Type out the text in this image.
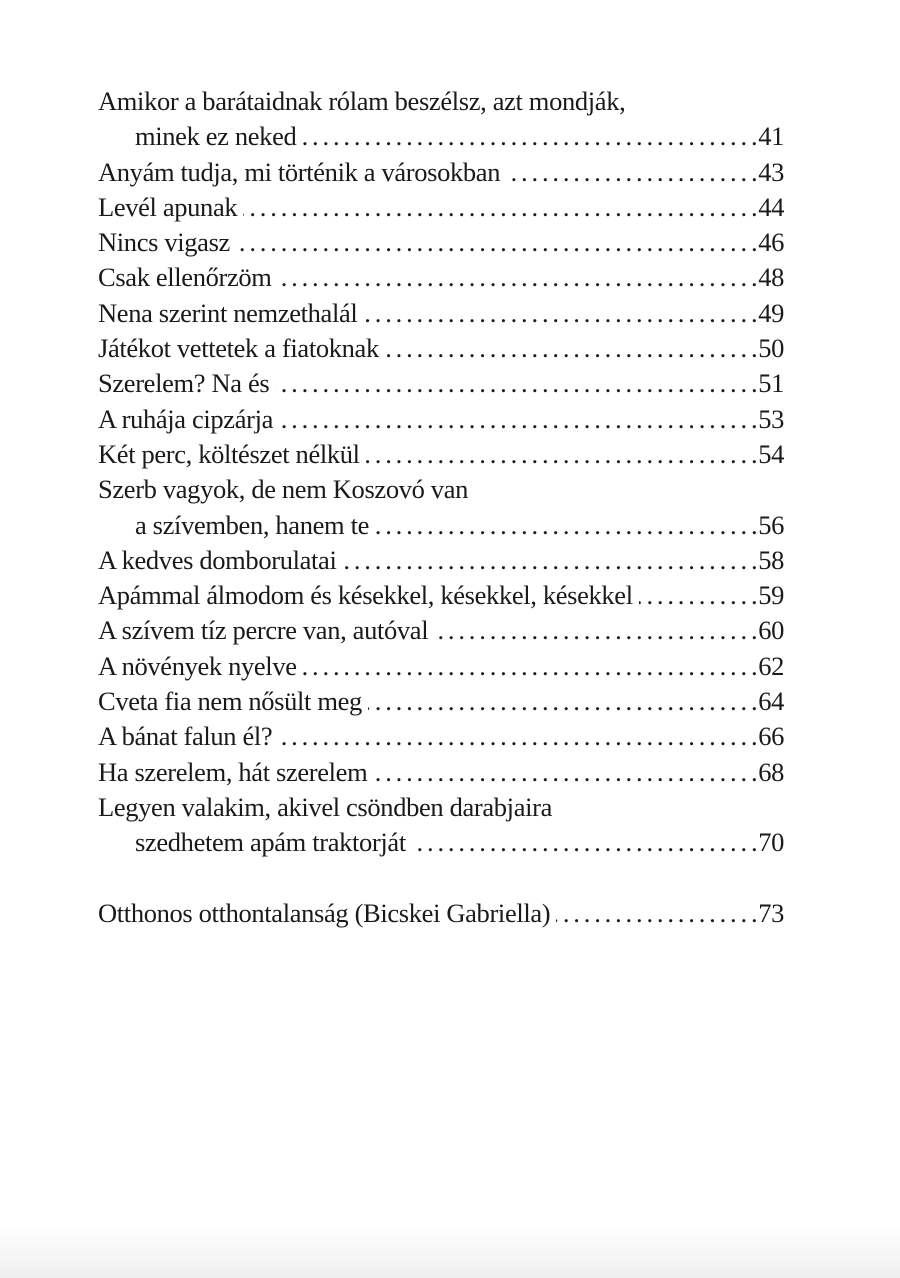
Amikor a barátaidnak rólam beszélsz, azt mondják,
minek ez neked . . .	41
Anyám tudja, mi történik a városokban . . .	43
Levél apunak . . .	44
Nincs vigasz . . .	46
Csak ellenőrzöm . . .	48
Nena szerint nemzethalál . . .	49
Játékot vettetek a fiatoknak . . .	50
Szerelem? Na és . . .	51
A ruhája cipzárja . . .	53
Két perc, költészet nélkül . . .	54
Szerb vagyok, de nem Koszovó van
a szívemben, hanem te . . .	56
A kedves domborulatai . . .	58
Apámmal álmodom és késekkel, késekkel, késekkel . . .	59
A szívem tíz percre van, autóval . . .	60
A növények nyelve . . .	62
Cveta fia nem nősült meg . . .	64
A bánat falun él? . . .	66
Ha szerelem, hát szerelem . . .	68
Legyen valakim, akivel csöndben darabjaira
szedhetem apám traktorját . . .	70
Otthonos otthontalanság (Bicskei Gabriella) . . .	73
